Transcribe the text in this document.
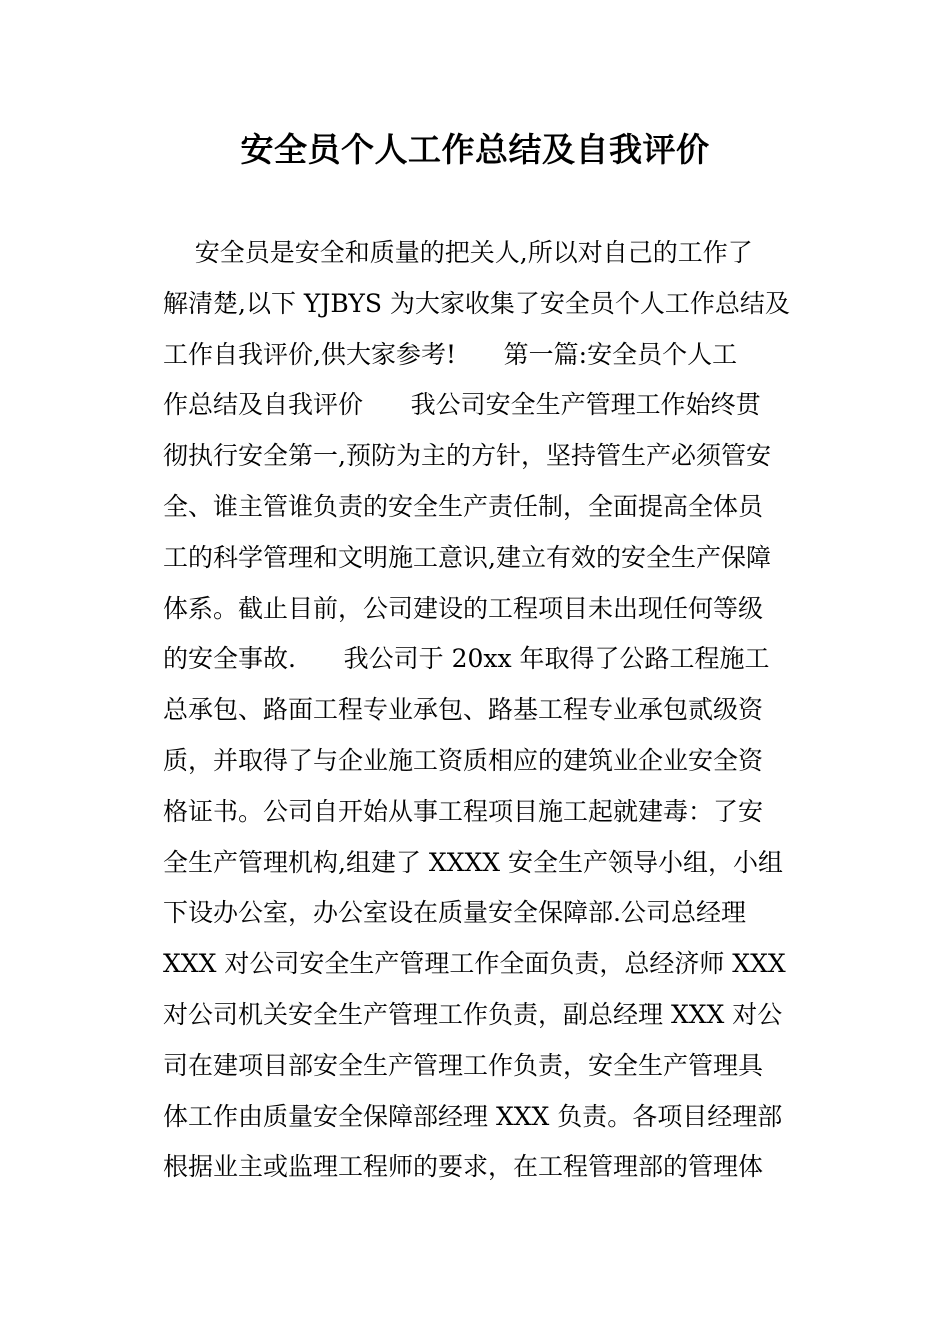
安全员个人工作总结及自我评价
安全员是安全和质量的把关人,所以对自己的工作了
解清楚,以下 YJBYS 为大家收集了安全员个人工作总结及
工作自我评价,供大家参考!      第一篇:安全员个人工
作总结及自我评价      我公司安全生产管理工作始终贯
彻执行安全第一,预防为主的方针，坚持管生产必须管安
全、谁主管谁负责的安全生产责任制，全面提高全体员
工的科学管理和文明施工意识,建立有效的安全生产保障
体系。截止目前，公司建设的工程项目未出现任何等级
的安全事故.      我公司于 20xx 年取得了公路工程施工
总承包、路面工程专业承包、路基工程专业承包贰级资
质，并取得了与企业施工资质相应的建筑业企业安全资
格证书。公司自开始从事工程项目施工起就建毒：了安
全生产管理机构,组建了 XXXX 安全生产领导小组，小组
下设办公室，办公室设在质量安全保障部.公司总经理
XXX 对公司安全生产管理工作全面负责，总经济师 XXX
对公司机关安全生产管理工作负责，副总经理 XXX 对公
司在建项目部安全生产管理工作负责，安全生产管理具
体工作由质量安全保障部经理 XXX 负责。各项目经理部
根据业主或监理工程师的要求，在工程管理部的管理体
